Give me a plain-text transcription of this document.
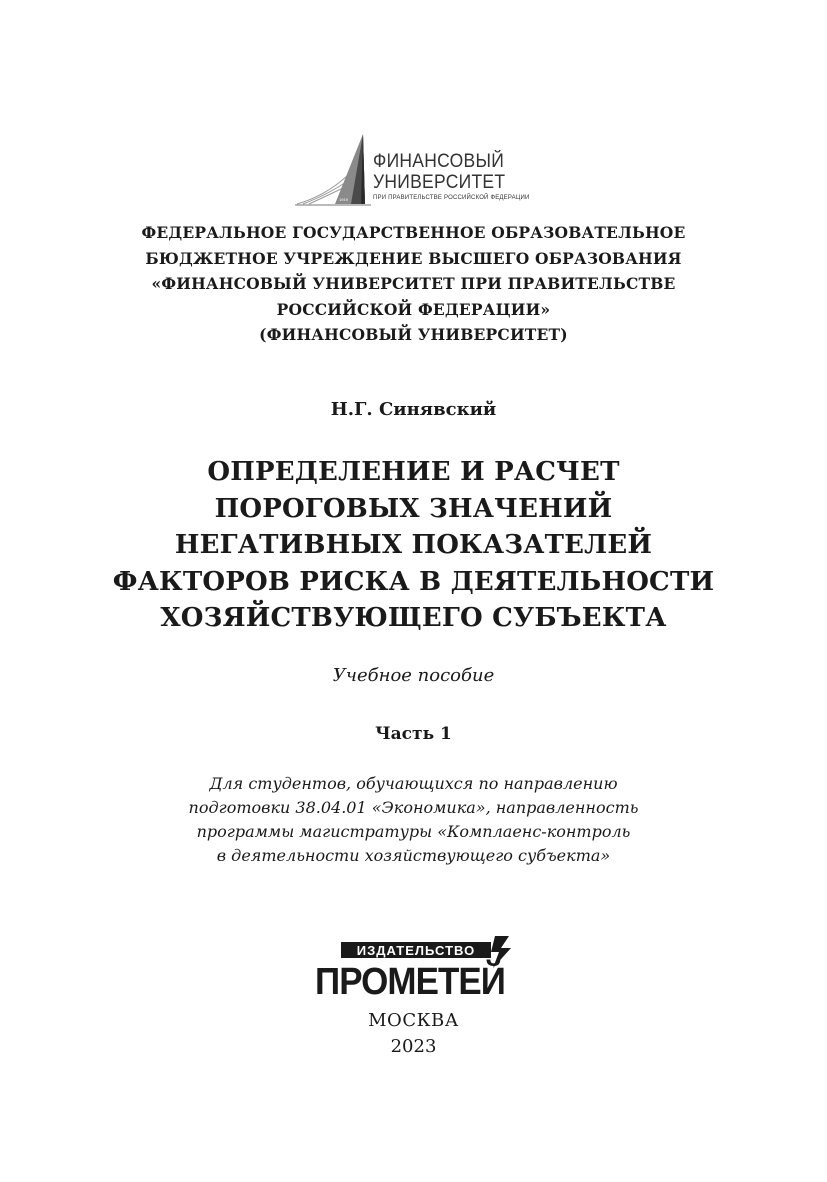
1919
ФИНАНСОВЫЙ
УНИВЕРСИТЕТ
ПРИ ПРАВИТЕЛЬСТВЕ РОССИЙСКОЙ ФЕДЕРАЦИИ
ФЕДЕРАЛЬНОЕ ГОСУДАРСТВЕННОЕ ОБРАЗОВАТЕЛЬНОЕ
БЮДЖЕТНОЕ УЧРЕЖДЕНИЕ ВЫСШЕГО ОБРАЗОВАНИЯ
«ФИНАНСОВЫЙ УНИВЕРСИТЕТ ПРИ ПРАВИТЕЛЬСТВЕ
РОССИЙСКОЙ ФЕДЕРАЦИИ»
(ФИНАНСОВЫЙ УНИВЕРСИТЕТ)
Н.Г. Синявский
ОПРЕДЕЛЕНИЕ И РАСЧЕТ
ПОРОГОВЫХ ЗНАЧЕНИЙ
НЕГАТИВНЫХ ПОКАЗАТЕЛЕЙ
ФАКТОРОВ РИСКА В ДЕЯТЕЛЬНОСТИ
ХОЗЯЙСТВУЮЩЕГО СУБЪЕКТА
Учебное пособие
Часть 1
Для студентов, обучающихся по направлению
подготовки 38.04.01 «Экономика», направленность
программы магистратуры «Комплаенс-контроль
в деятельности хозяйствующего субъекта»
ИЗДАТЕЛЬСТВО
ПРОМЕТЕЙ
МОСКВА
2023
